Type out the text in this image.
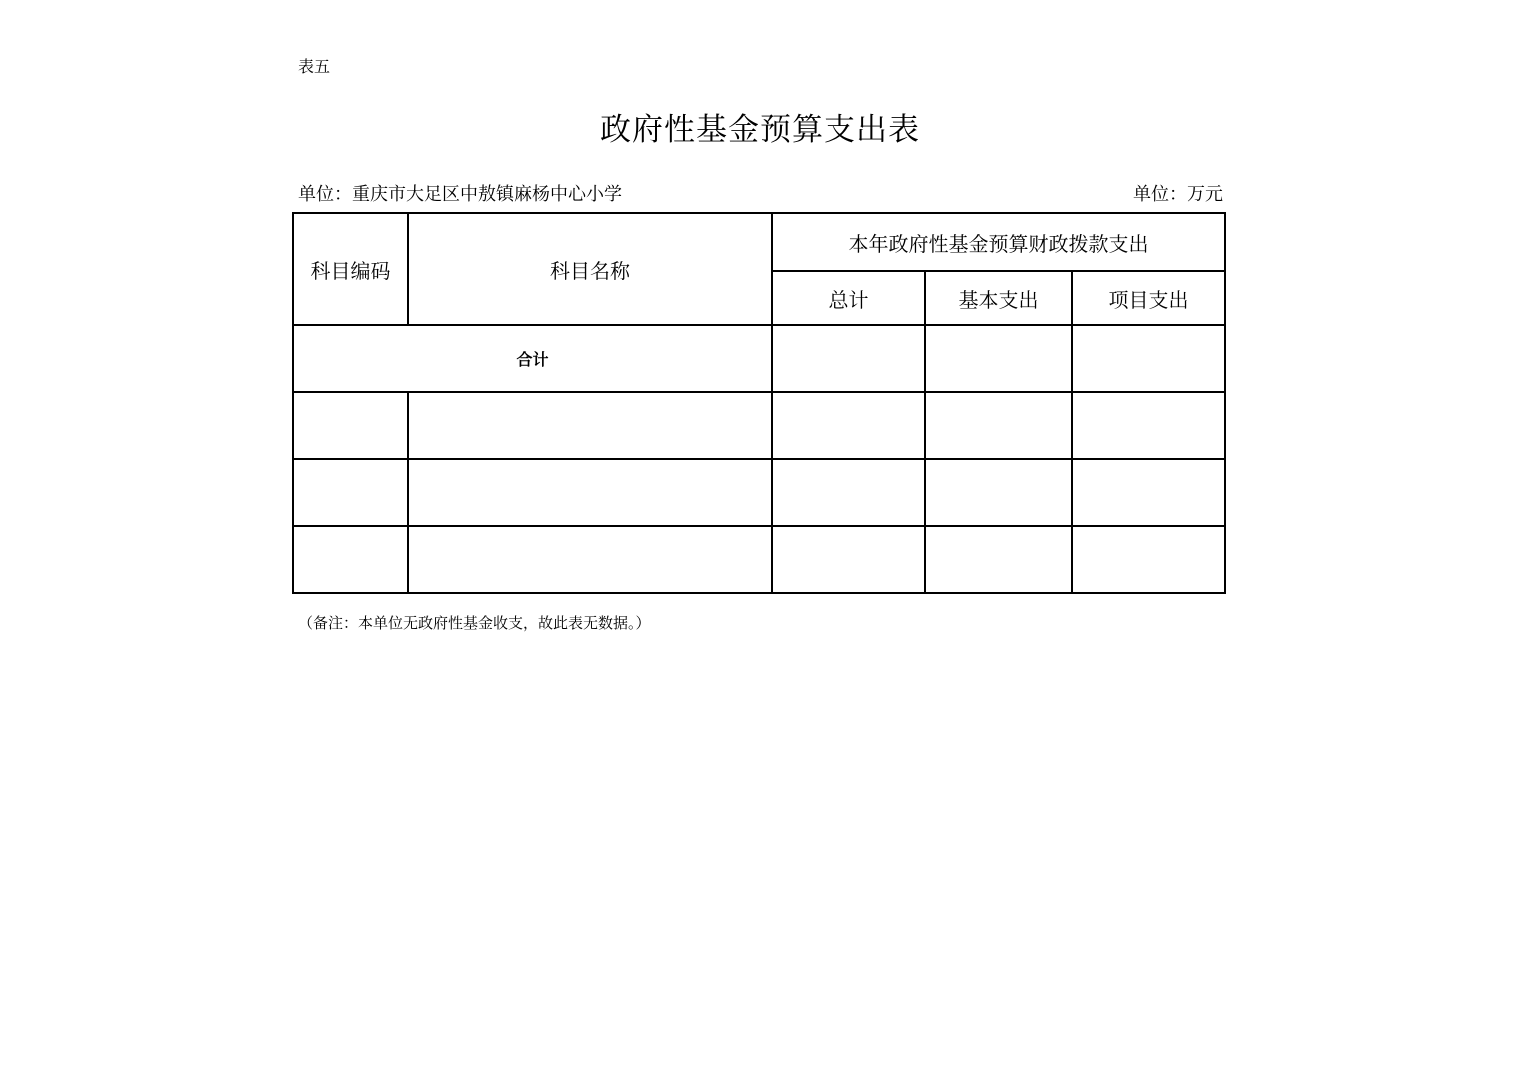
表五
政府性基金预算支出表
单位：重庆市大足区中敖镇麻杨中心小学	单位：万元
科目编码	科目名称	本年政府性基金预算财政拨款支出		
		总计	基本支出	项目支出
合计				

（备注：本单位无政府性基金收支，故此表无数据。）
